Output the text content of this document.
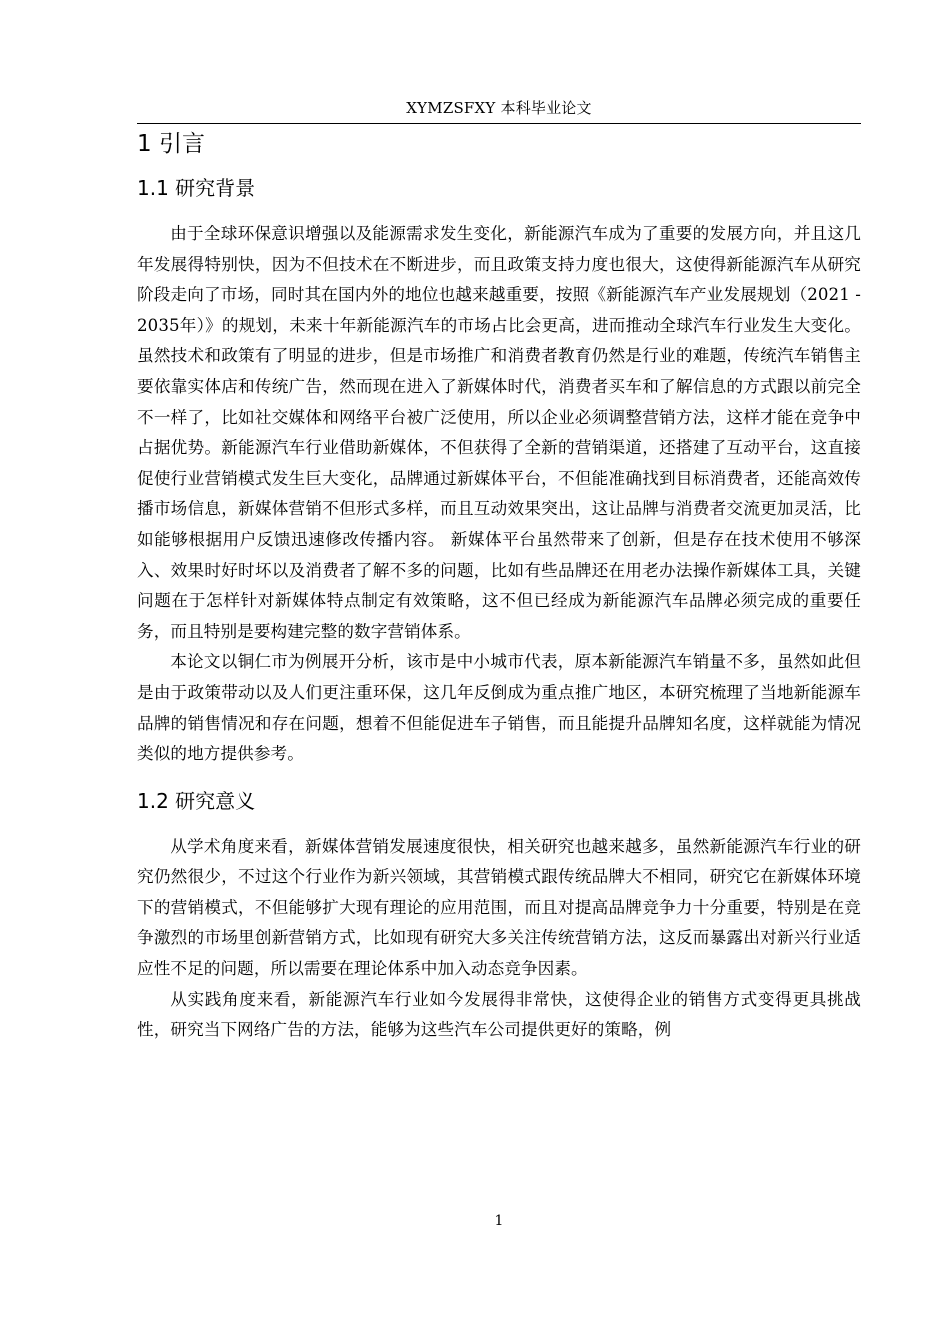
XYMZSFXY 本科毕业论文
1 引言
1.1 研究背景

由于全球环保意识增强以及能源需求发生变化，新能源汽车成为了重要的发展方向，并且这几年发展得特别快，因为不但技术在不断进步，而且政策支持力度也很大，这使得新能源汽车从研究阶段走向了市场，同时其在国内外的地位也越来越重要，按照《新能源汽车产业发展规划（2021 - 2035年）》的规划，未来十年新能源汽车的市场占比会更高，进而推动全球汽车行业发生大变化。 虽然技术和政策有了明显的进步，但是市场推广和消费者教育仍然是行业的难题，传统汽车销售主要依靠实体店和传统广告，然而现在进入了新媒体时代，消费者买车和了解信息的方式跟以前完全不一样了，比如社交媒体和网络平台被广泛使用，所以企业必须调整营销方法，这样才能在竞争中占据优势。新能源汽车行业借助新媒体，不但获得了全新的营销渠道，还搭建了互动平台，这直接促使行业营销模式发生巨大变化，品牌通过新媒体平台，不但能准确找到目标消费者，还能高效传播市场信息，新媒体营销不但形式多样，而且互动效果突出，这让品牌与消费者交流更加灵活，比如能够根据用户反馈迅速修改传播内容。 新媒体平台虽然带来了创新，但是存在技术使用不够深入、效果时好时坏以及消费者了解不多的问题，比如有些品牌还在用老办法操作新媒体工具，关键问题在于怎样针对新媒体特点制定有效策略，这不但已经成为新能源汽车品牌必须完成的重要任务，而且特别是要构建完整的数字营销体系。

本论文以铜仁市为例展开分析，该市是中小城市代表，原本新能源汽车销量不多，虽然如此但是由于政策带动以及人们更注重环保，这几年反倒成为重点推广地区，本研究梳理了当地新能源车品牌的销售情况和存在问题，想着不但能促进车子销售，而且能提升品牌知名度，这样就能为情况类似的地方提供参考。

1.2 研究意义

从学术角度来看，新媒体营销发展速度很快，相关研究也越来越多，虽然新能源汽车行业的研究仍然很少，不过这个行业作为新兴领域，其营销模式跟传统品牌大不相同，研究它在新媒体环境下的营销模式，不但能够扩大现有理论的应用范围，而且对提高品牌竞争力十分重要，特别是在竞争激烈的市场里创新营销方式，比如现有研究大多关注传统营销方法，这反而暴露出对新兴行业适应性不足的问题，所以需要在理论体系中加入动态竞争因素。

从实践角度来看，新能源汽车行业如今发展得非常快，这使得企业的销售方式变得更具挑战性，研究当下网络广告的方法，能够为这些汽车公司提供更好的策略，例

1
